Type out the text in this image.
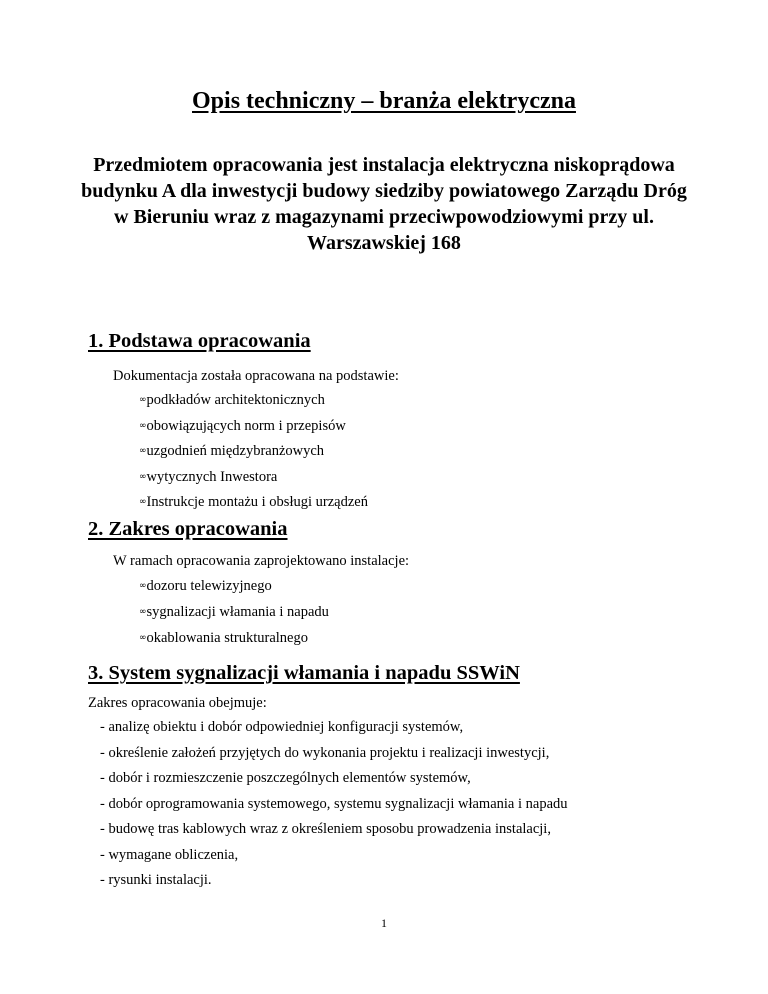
Opis techniczny – branża elektryczna
Przedmiotem opracowania jest instalacja elektryczna niskoprądowa budynku A dla inwestycji budowy siedziby powiatowego Zarządu Dróg w Bieruniu wraz z magazynami przeciwpowodziowymi przy ul. Warszawskiej 168
1. Podstawa opracowania
Dokumentacja została opracowana na podstawie:
∞podkładów architektonicznych
∞obowiązujących norm i przepisów
∞uzgodnień międzybranżowych
∞wytycznych Inwestora
∞Instrukcje montażu i obsługi urządzeń
2. Zakres opracowania
W ramach opracowania zaprojektowano instalacje:
∞dozoru telewizyjnego
∞sygnalizacji włamania i napadu
∞okablowania strukturalnego
3. System sygnalizacji włamania i napadu SSWiN
Zakres opracowania obejmuje:
- analizę obiektu i dobór odpowiedniej konfiguracji systemów,
- określenie założeń przyjętych do wykonania projektu i realizacji inwestycji,
- dobór i rozmieszczenie poszczególnych elementów systemów,
- dobór oprogramowania systemowego, systemu sygnalizacji włamania i napadu
- budowę tras kablowych wraz z określeniem sposobu prowadzenia instalacji,
- wymagane obliczenia,
- rysunki instalacji.
1
